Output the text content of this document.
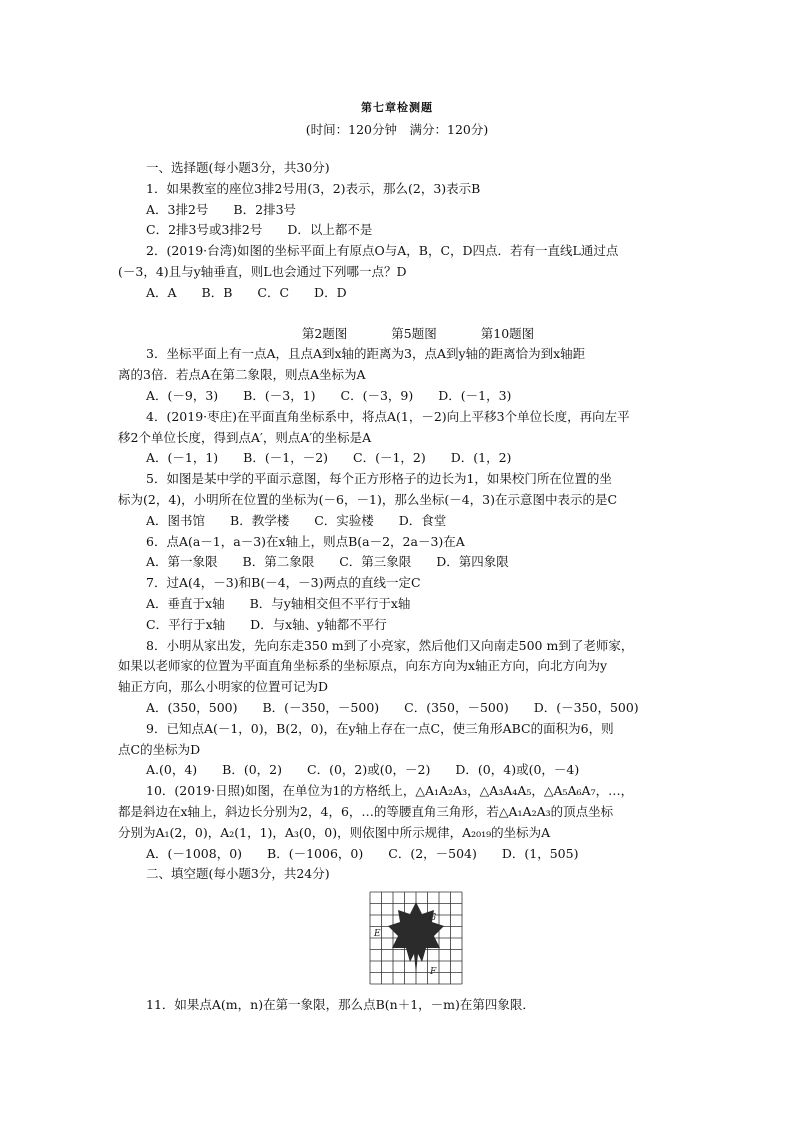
第七章检测题
(时间：120分钟　满分：120分)
一、选择题(每小题3分，共30分)
1．如果教室的座位3排2号用(3，2)表示，那么(2，3)表示B
A．3排2号　　B．2排3号
C．2排3号或3排2号　　D．以上都不是
2．(2019·台湾)如图的坐标平面上有原点O与A，B，C，D四点．若有一直线L通过点
(－3，4)且与y轴垂直，则L也会通过下列哪一点？D
A．A　　B．B　　C．C　　D．D
第2题图	第5题图	第10题图
3．坐标平面上有一点A，且点A到x轴的距离为3，点A到y轴的距离恰为到x轴距
离的3倍．若点A在第二象限，则点A坐标为A
A．(－9，3)　　B．(－3，1)　　C．(－3，9)　　D．(－1，3)
4．(2019·枣庄)在平面直角坐标系中，将点A(1，－2)向上平移3个单位长度，再向左平
移2个单位长度，得到点A′，则点A′的坐标是A
A．(－1，1)　　B．(－1，－2)　　C．(－1，2)　　D．(1，2)
5．如图是某中学的平面示意图，每个正方形格子的边长为1，如果校门所在位置的坐
标为(2，4)，小明所在位置的坐标为(－6，－1)，那么坐标(－4，3)在示意图中表示的是C
A．图书馆　　B．教学楼　　C．实验楼　　D．食堂
6．点A(a－1，a－3)在x轴上，则点B(a－2，2a－3)在A
A．第一象限　　B．第二象限　　C．第三象限　　D．第四象限
7．过A(4，－3)和B(－4，－3)两点的直线一定C
A．垂直于x轴　　B．与y轴相交但不平行于x轴
C．平行于x轴　　D．与x轴、y轴都不平行
8．小明从家出发，先向东走350 m到了小亮家，然后他们又向南走500 m到了老师家，
如果以老师家的位置为平面直角坐标系的坐标原点，向东方向为x轴正方向，向北方向为y
轴正方向，那么小明家的位置可记为D
A．(350，500)　　B．(－350，－500)　　C．(350，－500)　　D．(－350，500)
9．已知点A(－1，0)，B(2，0)，在y轴上存在一点C，使三角形ABC的面积为6，则
点C的坐标为D
A.(0，4)　　B．(0，2)　　C．(0，2)或(0，－2)　　D．(0，4)或(0，－4)
10．(2019·日照)如图，在单位为1的方格纸上，△A₁A₂A₃，△A₃A₄A₅，△A₅A₆A₇，…，
都是斜边在x轴上，斜边长分别为2，4，6，…的等腰直角三角形，若△A₁A₂A₃的顶点坐标
分别为A₁(2，0)，A₂(1，1)，A₃(0，0)，则依图中所示规律，A₂₀₁₉的坐标为A
A．(－1008，0)　　B．(－1006，0)　　C．(2，－504)　　D．(1，505)
二、填空题(每小题3分，共24分)
G
E
F
11．如果点A(m，n)在第一象限，那么点B(n＋1，－m)在第四象限．
